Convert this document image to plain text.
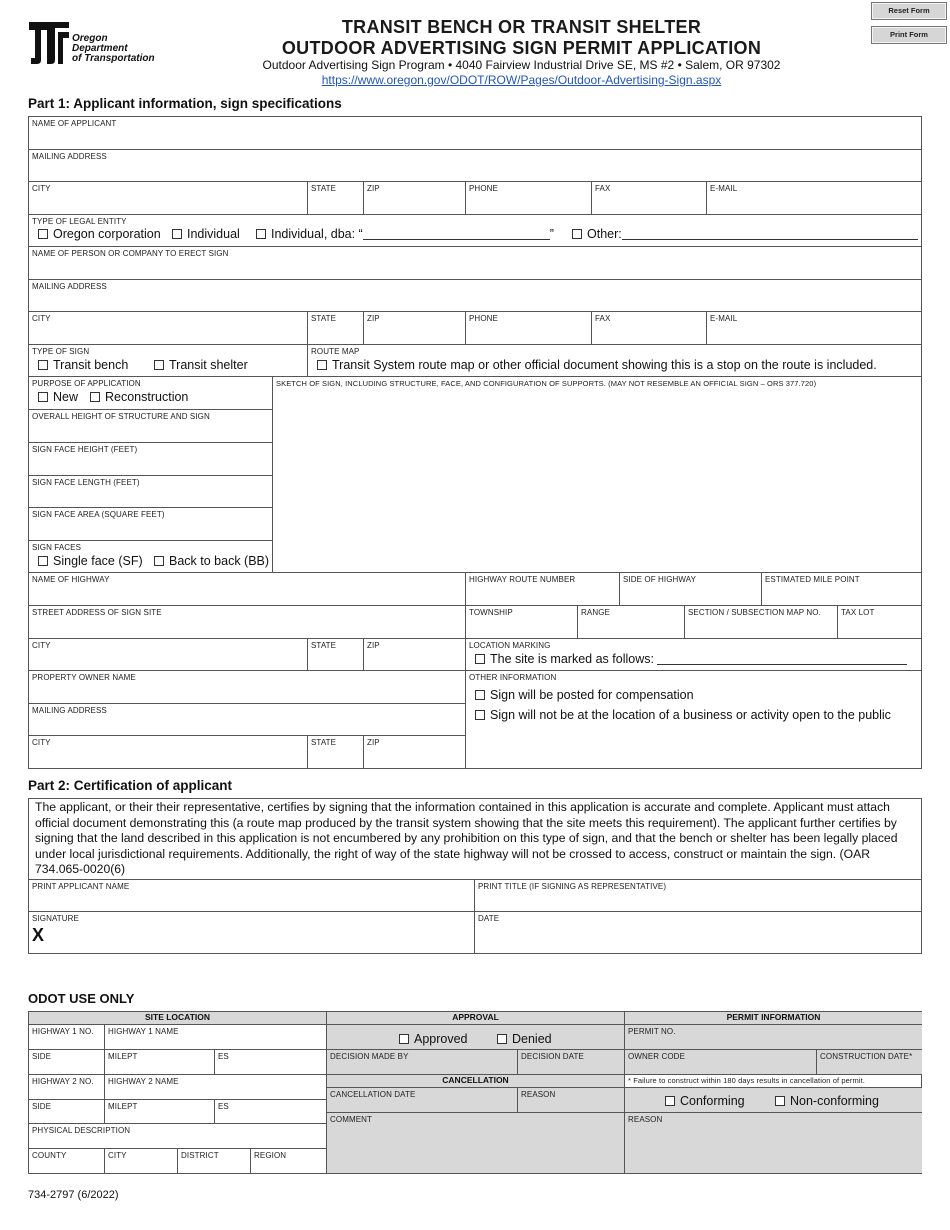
Reset Form
Print Form
Oregon
Department
of Transportation
TRANSIT BENCH OR TRANSIT SHELTER
OUTDOOR ADVERTISING SIGN PERMIT APPLICATION
Outdoor Advertising Sign Program • 4040 Fairview Industrial Drive SE, MS #2 • Salem, OR 97302
https://www.oregon.gov/ODOT/ROW/Pages/Outdoor-Advertising-Sign.aspx
Part 1: Applicant information, sign specifications
NAME OF APPLICANT
MAILING ADDRESS
CITY	STATE	ZIP	PHONE	FAX	E-MAIL
TYPE OF LEGAL ENTITY
Oregon corporation Individual Individual, dba: “	”	Other:
NAME OF PERSON OR COMPANY TO ERECT SIGN
MAILING ADDRESS
CITY	STATE	ZIP	PHONE	FAX	E-MAIL
TYPE OF SIGN
Transit bench	Transit shelter
ROUTE MAP
Transit System route map or other official document showing this is a stop on the route is included.
PURPOSE OF APPLICATION
New Reconstruction
OVERALL HEIGHT OF STRUCTURE AND SIGN
SIGN FACE HEIGHT (FEET)
SIGN FACE LENGTH (FEET)
SIGN FACE AREA (SQUARE FEET)
SIGN FACES
Single face (SF) Back to back (BB)
SKETCH OF SIGN, INCLUDING STRUCTURE, FACE, AND CONFIGURATION OF SUPPORTS. (MAY NOT RESEMBLE AN OFFICIAL SIGN – ORS 377.720)
NAME OF HIGHWAY	HIGHWAY ROUTE NUMBER	SIDE OF HIGHWAY	ESTIMATED MILE POINT
STREET ADDRESS OF SIGN SITE	TOWNSHIP	RANGE	SECTION / SUBSECTION MAP NO.	TAX LOT
CITY	STATE	ZIP	LOCATION MARKING
The site is marked as follows:
PROPERTY OWNER NAME
MAILING ADDRESS
CITY	STATE	ZIP
OTHER INFORMATION
Sign will be posted for compensation
Sign will not be at the location of a business or activity open to the public
Part 2: Certification of applicant
The applicant, or their their representative, certifies by signing that the information contained in this application is accurate and complete. Applicant must attach official document demonstrating this (a route map produced by the transit system showing that the site meets this requirement). The applicant further certifies by signing that the land described in this application is not encumbered by any prohibition on this type of sign, and that the bench or shelter has been legally placed under local jurisdictional requirements. Additionally, the right of way of the state highway will not be crossed to access, construct or maintain the sign. (OAR 734.065-0020(6)
PRINT APPLICANT NAME	PRINT TITLE (IF SIGNING AS REPRESENTATIVE)
SIGNATURE
X
DATE
ODOT USE ONLY
SITE LOCATION
HIGHWAY 1 NO. HIGHWAY 1 NAME
SIDE	MILEPT	ES
HIGHWAY 2 NO. HIGHWAY 2 NAME
SIDE	MILEPT	ES
PHYSICAL DESCRIPTION
COUNTY	CITY	DISTRICT	REGION
APPROVAL
Approved	Denied
DECISION MADE BY	DECISION DATE
CANCELLATION
CANCELLATION DATE	REASON
COMMENT
PERMIT INFORMATION
PERMIT NO.
OWNER CODE	CONSTRUCTION DATE*
* Failure to construct within 180 days results in cancellation of permit.
Conforming	Non-conforming
REASON
734-2797 (6/2022)
